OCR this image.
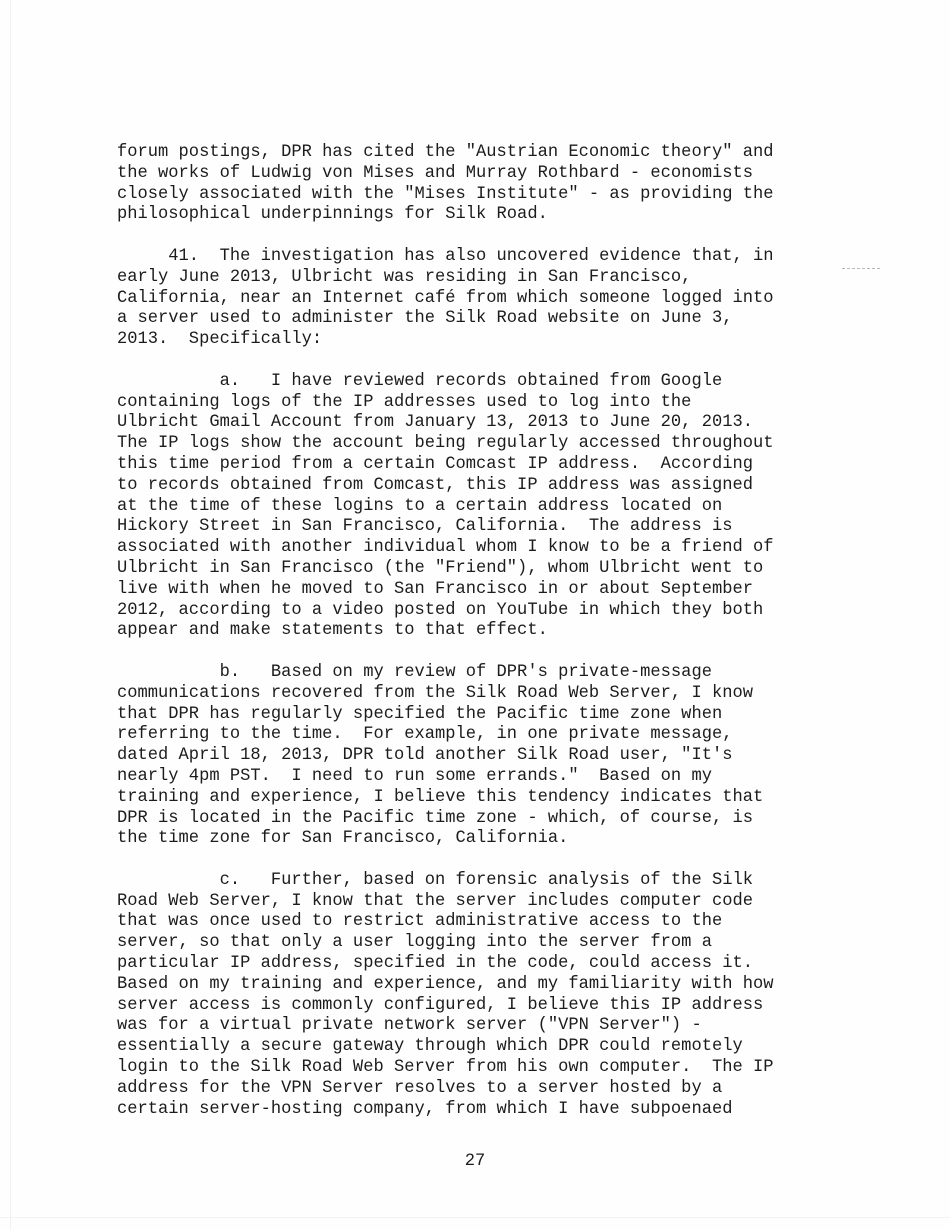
forum postings, DPR has cited the "Austrian Economic theory" and
the works of Ludwig von Mises and Murray Rothbard - economists
closely associated with the "Mises Institute" - as providing the
philosophical underpinnings for Silk Road.
41.  The investigation has also uncovered evidence that, in
early June 2013, Ulbricht was residing in San Francisco,
California, near an Internet café from which someone logged into
a server used to administer the Silk Road website on June 3,
2013.  Specifically:
a.   I have reviewed records obtained from Google
containing logs of the IP addresses used to log into the
Ulbricht Gmail Account from January 13, 2013 to June 20, 2013.
The IP logs show the account being regularly accessed throughout
this time period from a certain Comcast IP address.  According
to records obtained from Comcast, this IP address was assigned
at the time of these logins to a certain address located on
Hickory Street in San Francisco, California.  The address is
associated with another individual whom I know to be a friend of
Ulbricht in San Francisco (the "Friend"), whom Ulbricht went to
live with when he moved to San Francisco in or about September
2012, according to a video posted on YouTube in which they both
appear and make statements to that effect.
b.   Based on my review of DPR's private-message
communications recovered from the Silk Road Web Server, I know
that DPR has regularly specified the Pacific time zone when
referring to the time.  For example, in one private message,
dated April 18, 2013, DPR told another Silk Road user, "It's
nearly 4pm PST.  I need to run some errands."  Based on my
training and experience, I believe this tendency indicates that
DPR is located in the Pacific time zone - which, of course, is
the time zone for San Francisco, California.
c.   Further, based on forensic analysis of the Silk
Road Web Server, I know that the server includes computer code
that was once used to restrict administrative access to the
server, so that only a user logging into the server from a
particular IP address, specified in the code, could access it.
Based on my training and experience, and my familiarity with how
server access is commonly configured, I believe this IP address
was for a virtual private network server ("VPN Server") -
essentially a secure gateway through which DPR could remotely
login to the Silk Road Web Server from his own computer.  The IP
address for the VPN Server resolves to a server hosted by a
certain server-hosting company, from which I have subpoenaed
27
